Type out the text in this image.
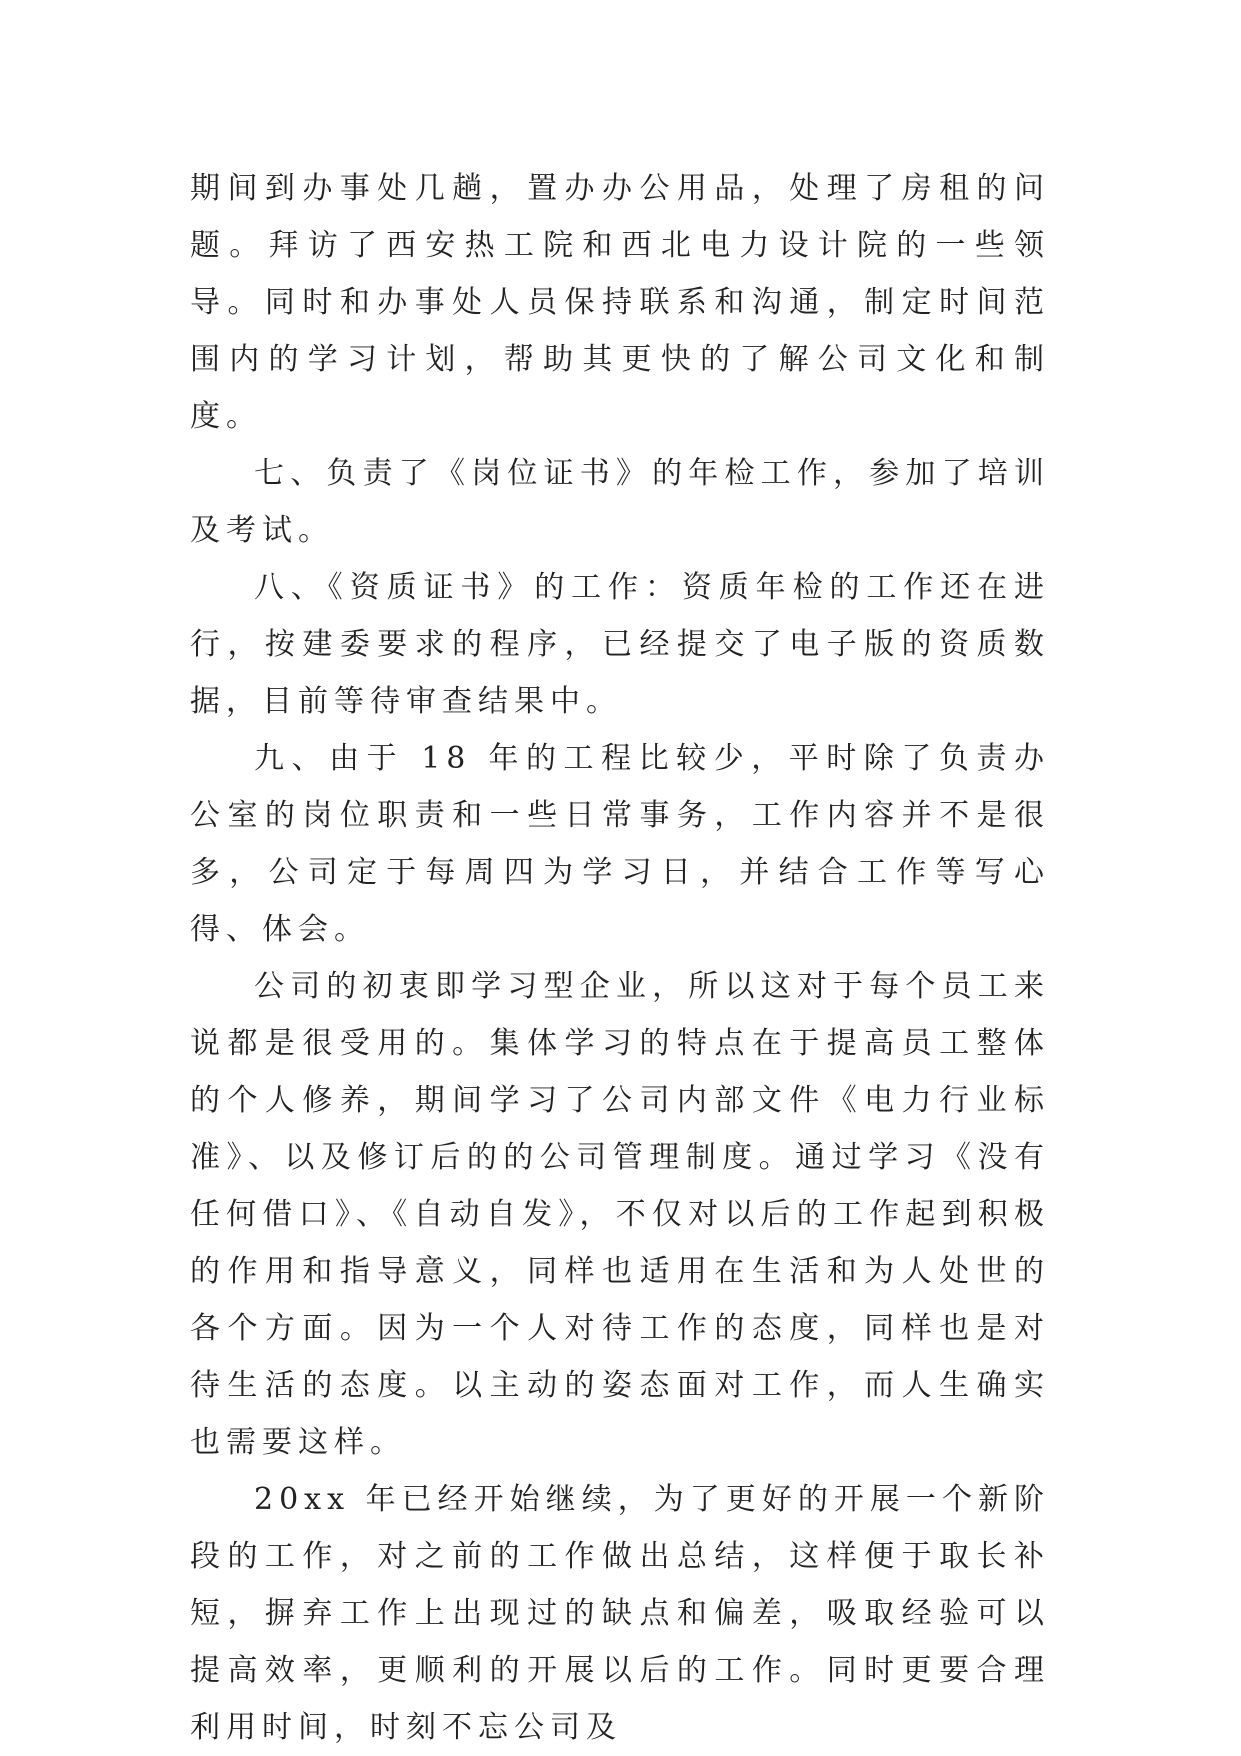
期间到办事处几趟，置办办公用品，处理了房租的问题。拜访了西安热工院和西北电力设计院的一些领导。同时和办事处人员保持联系和沟通，制定时间范围内的学习计划，帮助其更快的了解公司文化和制度。

七、负责了《岗位证书》的年检工作，参加了培训及考试。

八、《资质证书》的工作：资质年检的工作还在进行，按建委要求的程序，已经提交了电子版的资质数据，目前等待审查结果中。

九、由于 18 年的工程比较少，平时除了负责办公室的岗位职责和一些日常事务，工作内容并不是很多，公司定于每周四为学习日，并结合工作等写心得、体会。

公司的初衷即学习型企业，所以这对于每个员工来说都是很受用的。集体学习的特点在于提高员工整体的个人修养，期间学习了公司内部文件《电力行业标准》、以及修订后的的公司管理制度。通过学习《没有任何借口》、《自动自发》，不仅对以后的工作起到积极的作用和指导意义，同样也适用在生活和为人处世的各个方面。因为一个人对待工作的态度，同样也是对待生活的态度。以主动的姿态面对工作，而人生确实也需要这样。

20xx 年已经开始继续，为了更好的开展一个新阶段的工作，对之前的工作做出总结，这样便于取长补短，摒弃工作上出现过的缺点和偏差，吸取经验可以提高效率，更顺利的开展以后的工作。同时更要合理利用时间，时刻不忘公司及
